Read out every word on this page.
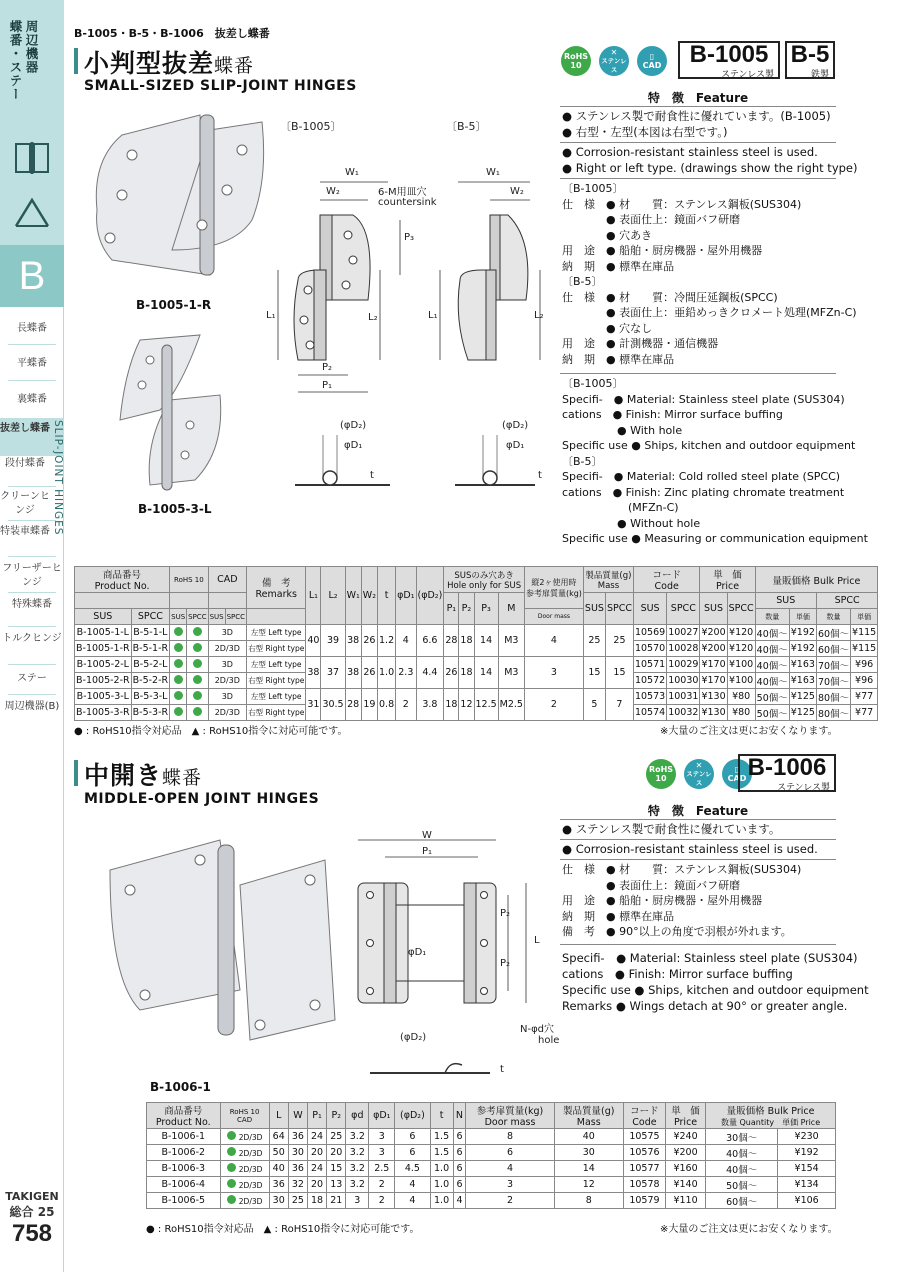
周辺機器
蝶番・ステー
B
長蝶番
平蝶番
裏蝶番
抜差し蝶番
段付蝶番
クリーンヒンジ
特装車蝶番 SLIP-JOINT HINGES
フリーザーヒンジ
特殊蝶番
トルクヒンジ
ステー
周辺機器(B)
TAKIGEN
総合 25
758
B-1005・B-5・B-1006　抜差し蝶番
小判型抜差蝶番
SMALL-SIZED SLIP-JOINT HINGES
RoHS
10
✕
ステンレス
▯
CAD	B-1005
ステンレス製
B-5
鉄製
B-1005-1-R
B-1005-3-L
〔B-1005〕	〔B-5〕
W₁
W₂	6-M用皿穴
countersink
P₃
L₁	L₂
P₂
P₁
W₁
W₂
L₁	L₂
(φD₂)
φD₁
t
(φD₂)
φD₁
t
特　徴　Feature
● ステンレス製で耐食性に優れています。(B-1005)
● 右型・左型(本図は右型です。)
● Corrosion-resistant stainless steel is used.
● Right or left type. (drawings show the right type)
〔B-1005〕
仕　様　● 材　　質：ステンレス鋼板(SUS304)
　　　　● 表面仕上：鏡面バフ研磨
　　　　● 穴あき
用　途　● 船舶・厨房機器・屋外用機器
納　期　● 標準在庫品
〔B-5〕
仕　様　● 材　　質：冷間圧延鋼板(SPCC)
　　　　● 表面仕上：亜鉛めっきクロメート処理(MFZn-C)
　　　　● 穴なし
用　途　● 計測機器・通信機器
納　期　● 標準在庫品
〔B-1005〕
Specifi-　● Material: Stainless steel plate (SUS304)
cations　● Finish: Mirror surface buffing
　　　　　● With hole
Specific use ● Ships, kitchen and outdoor equipment
〔B-5〕
Specifi-　● Material: Cold rolled steel plate (SPCC)
cations　● Finish: Zinc plating chromate treatment
　　　　　　(MFZn-C)
　　　　　● Without hole
Specific use ● Measuring or communication equipment
商品番号
Product No.		RoHS 10		CAD		備　考
Remarks	L₁	L₂	W₁	W₂	t	φD₁	(φD₂)	SUSのみ穴あき
Hole only for SUS				縦2ヶ使用時
参考扉質量(kg)	製品質量(g)
Mass		コード
Code		単　価
Price		量販価格 Bulk Price			
														P₁	P₂	P₃	M		SUS	SPCC	SUS	SPCC	SUS	SPCC	SUS		SPCC	
SUS	SPCC	SUS	SPCC	SUS	SPCC													Door mass							数量	単価	数量	単価
B-1005-1-L	B-5-1-L			3D		左型 Left type	40	39	38	26	1.2	4	6.6	28	18	14	M3	4	25	25	10569	10027	¥200	¥120	40個～	¥192	60個～	¥115
B-1005-1-R	B-5-1-R			2D/3D		右型 Right type															10570	10028	¥200	¥120	40個～	¥192	60個～	¥115
B-1005-2-L	B-5-2-L			3D		左型 Left type	38	37	38	26	1.0	2.3	4.4	26	18	14	M3	3	15	15	10571	10029	¥170	¥100	40個～	¥163	70個～	¥96
B-1005-2-R	B-5-2-R			2D/3D		右型 Right type															10572	10030	¥170	¥100	40個～	¥163	70個～	¥96
B-1005-3-L	B-5-3-L			3D		左型 Left type	31	30.5	28	19	0.8	2	3.8	18	12	12.5	M2.5	2	5	7	10573	10031	¥130	¥80	50個～	¥125	80個～	¥77
B-1005-3-R	B-5-3-R			2D/3D		右型 Right type															10574	10032	¥130	¥80	50個～	¥125	80個～	¥77
● : RoHS10指令対応品　▲ : RoHS10指令に対応可能です。	※大量のご注文は更にお安くなります。
中開き蝶番
MIDDLE-OPEN JOINT HINGES
RoHS
10
✕
ステンレス
▯
CAD B-1006
ステンレス製
B-1006-1
W
P₁
P₂
P₂
L
φD₁
N-φd穴
hole
(φD₂)
t
特　徴　Feature
● ステンレス製で耐食性に優れています。
● Corrosion-resistant stainless steel is used.
仕　様　● 材　　質：ステンレス鋼板(SUS304)
　　　　● 表面仕上：鏡面バフ研磨
用　途　● 船舶・厨房機器・屋外用機器
納　期　● 標準在庫品
備　考　● 90°以上の角度で羽根が外れます。
Specifi-　● Material: Stainless steel plate (SUS304)
cations　● Finish: Mirror surface buffing
Specific use ● Ships, kitchen and outdoor equipment
Remarks ● Wings detach at 90° or greater angle.
商品番号
Product No.	RoHS 10
CAD	L	W	P₁	P₂	φd	φD₁	(φD₂)	t	N	参考扉質量(kg)
Door mass	製品質量(g)
Mass	コード
Code	単　価
Price	量販価格 Bulk Price
数量 Quantity　単価 Price	
B-1006-1	2D/3D	64	36	24	25	3.2	3	6	1.5	6	8	40	10575	¥240	30個～	¥230
B-1006-2	2D/3D	50	30	20	20	3.2	3	6	1.5	6	6	30	10576	¥200	40個～	¥192
B-1006-3	2D/3D	40	36	24	15	3.2	2.5	4.5	1.0	6	4	14	10577	¥160	40個～	¥154
B-1006-4	2D/3D	36	32	20	13	3.2	2	4	1.0	6	3	12	10578	¥140	50個～	¥134
B-1006-5	2D/3D	30	25	18	21	3	2	4	1.0	4	2	8	10579	¥110	60個～	¥106
● : RoHS10指令対応品　▲ : RoHS10指令に対応可能です。	※大量のご注文は更にお安くなります。
